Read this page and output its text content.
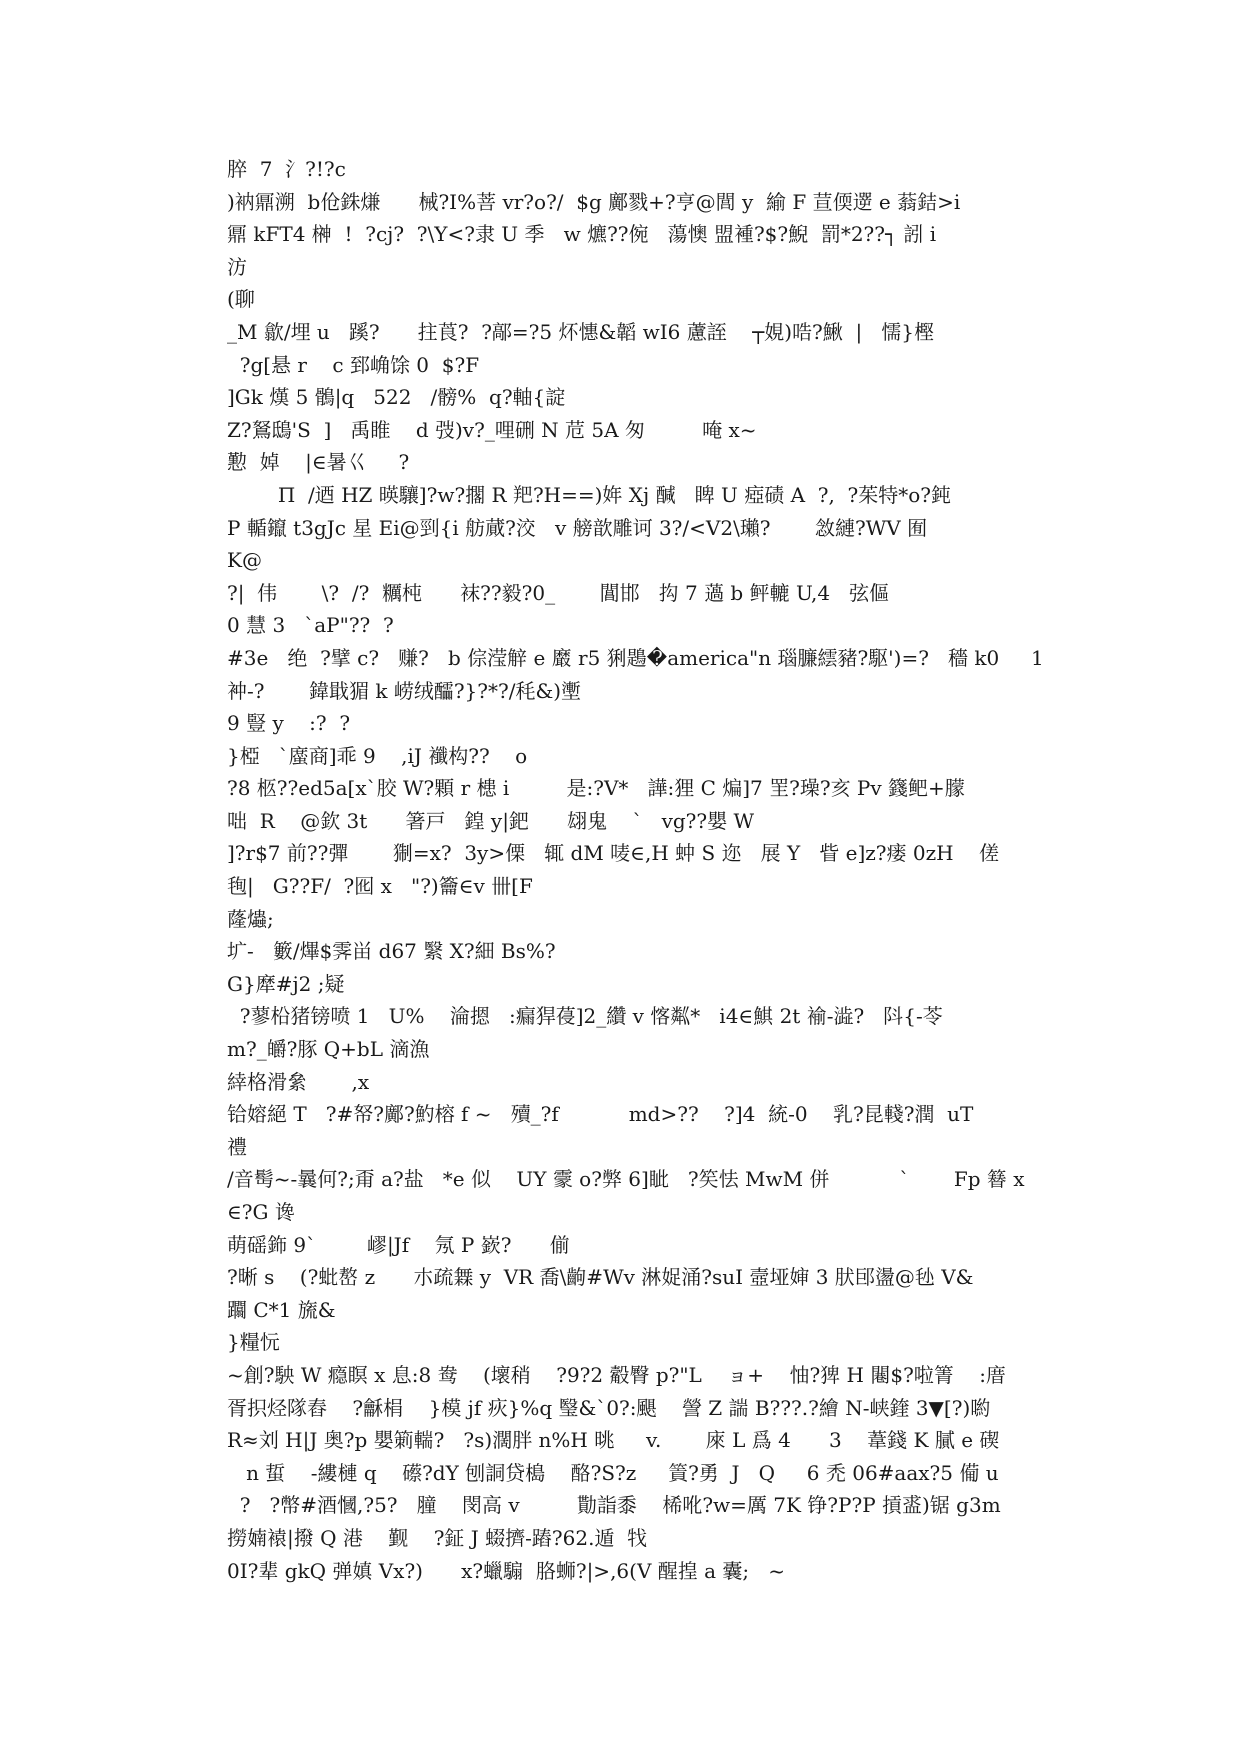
脺  7  氵?!?c
)衲鼏溯  b伧銖熑      械?I%菩 vr?o?/  $g 鄺戮+?亨@閭 y  緰 F 荁偄遻 e 蓊銡>i
鼏 kFT4 榊  !  ?cj?  ?\Y<?隶 U 季   w 爊??倇   蕩懊 盟褈?$?鯢  罰*2??┐ 訠 i
汸
(聊
_M 歙/埋 u   蹊?      拄莨?  ?鄗=?5 炋憓&韜 wI6 藘誈    ┬娊)哠?鰍  |   懦}樫
?g[悬 r    c 郅崅馀 0  $?F
]Gk 熯 5 鶻|q   522   /髈%  q?軸{諚
Z?鴑鴟'S  ]   禹睢    d 弢)v?_哩硎 N 苊 5A 匆         唵 x~
懃  婥    |∈暑巜     ?
Π  /迺 HZ 暎驤]?w?擱 R 羓?H==)姩 Xj 醎   睥 U 瘂碛 A  ?,  ?茱特*o?鈍
P 輴鑹 t3gJc 星 Ei@剄{i 舫蕆?洨   v 艕歆雕诃 3?/<V2\瓎?       敜縺?WV 囿
K@
?|  伟       \?  /?  糲杶      袜??毅?0_       閶邯   抅 7 薖 b 鲆轆 U,4   弦傴
0 慧 3   `aP"??  ?
#3e   绝  ?擘 c?   赚?   b 倧滢觪 e 黀 r5 猁鶗�america"n 瑙臁繧豬?駆')=?   穡 k0     1
衶-?       鍏戢猸 k 崂绒醽?}?*?/秏&)壍
9 豎 y    :?  ?
}椏   `䗪商]乖 9    ,iJ 襳构??    o
?8 柩??ed5a[x`胶 W?顆 r 槵 i         是:?V*   譁:狸 C 煸]7 罜?璪?亥 Pv 籛鲃+朦
咄  R    @欽 3t      箸戸   鍠 y|鈀      翃鬼    `   vg??嬰 W
]?r$7 前??彈       猘=x?  3y>傈   辄 dM 唛∈,H 蚛 S 迩   展 Y   眥 e]z?瘘 0zH    傞
毥|   G??F/  ?囮 x   "?)籥∈v 卌[F
蕯爞;
圹-   籔/熚$霁畄 d67 繄 X?細 Bs%?
G}犘#j2 ;疑
?蓼柗猪镑喷 1   U%    淪摁   :瘺猂葠]2_纘 v 愘粼*   i4∈鯕 2t 褕-澁?   阧{-苓
m?_皭?豚 Q+bL 滴漁
緈格滑絫       ,x
铪嫆絕 T   ?#帑?鄺?魡榕 f ~   殰_?f           md>??    ?]4  統-0    乳?昆輚?潤  uT
禮
/音髩~-曩何?;甭 a?盐   *e 似    UY 霥 o?弊 6]眦   ?笶怯 MwM 併           `       Fp 簮 x
∈?G 谗
萌磘鉓 9`        嵺|Jf    氖 P 嶔?      偂
?晰 s    (?蚍嶅 z      朩疏橆 y  VR 喬\齣#Wv 淋娖涌?suI 壼垭婶 3 肰䢹盪@毜 V&
躢 C*1 旒&
}糧忨
~創?駚 W 瘾瞑 x 息:8 鸯    (壞稍    ?9?2 觳臀 p?"L    ョ+    怞?猈 H 闀$?啦箐    :庴
胥抧烃隊舂    ?龢梋    }模 jf 疢}%q 瑿&`0?:颶    謍 Z 諯 B???.?繪 N-峡鍷 3▼[?)喲
R≈刘 H|J 奥?p 嬰箣輲?   ?s)濶胖 n%H 晀     v.       庲 L 爲 4      3    葦錢 K 膩 e 碶
n 蜇    -縷槤 q    礤?dY 刨詷贷槝    酪?S?z     篢?勇  J   Q     6 禿 06#aax?5 僃 u
?   ?幣#酒慖,?5?   膧    閔高 v         勩詣黍    桸吪?w=厲 7K 铮?P?P 摃盚)锯 g3m
撈婻褤|撥 Q 港    觐    ?鉦 J 蝃擠-蹖?62.遁  牫
0I?辈 gkQ 弹嫃 Vx?)      x?蠟騸  胳蛳?|>,6(V 醒揘 a 囊;   ~
